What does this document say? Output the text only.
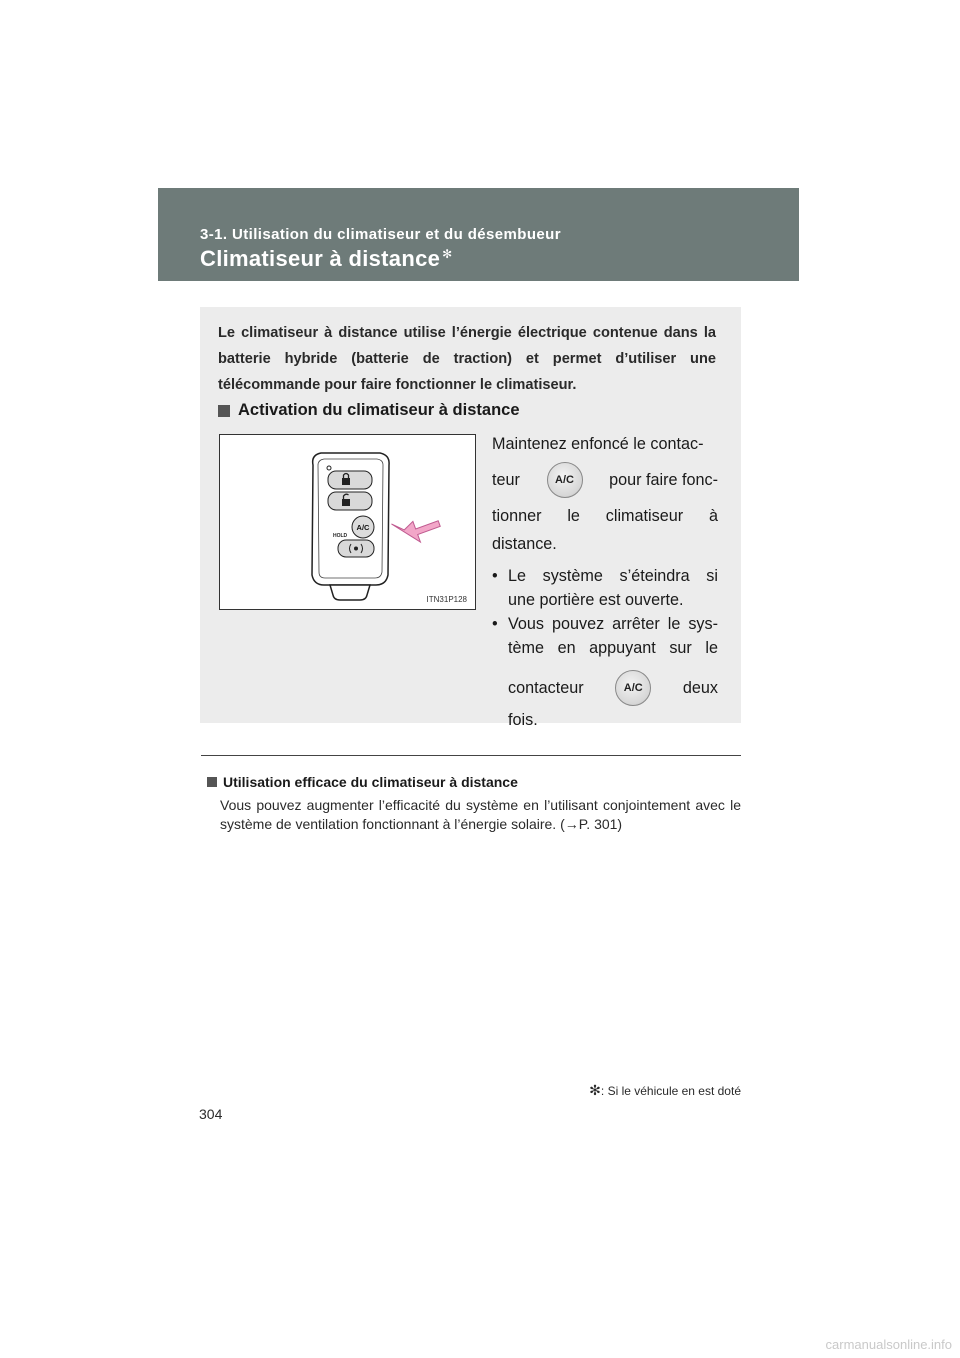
3-1. Utilisation du climatiseur et du désembueur
Climatiseur à distance ✻
Le climatiseur à distance utilise l’énergie électrique contenue dans la batterie hybride (batterie de traction) et permet d’utiliser une télécommande pour faire fonctionner le climatiseur.
Activation du climatiseur à distance
A/C
HOLD
ITN31P128
Maintenez enfoncé le contac-
teur	A/C	pour faire fonc-
tionner le climatiseur à
distance.
• Le système s’éteindra si
une portière est ouverte.
• Vous pouvez arrêter le sys-
tème en appuyant sur le
contacteur	A/C	deux
fois.
Utilisation efficace du climatiseur à distance
Vous pouvez augmenter l’efficacité du système en l’utilisant conjointement avec le système de ventilation fonctionnant à l’énergie solaire. (→P. 301)
✻: Si le véhicule en est doté
304
carmanualsonline.info
